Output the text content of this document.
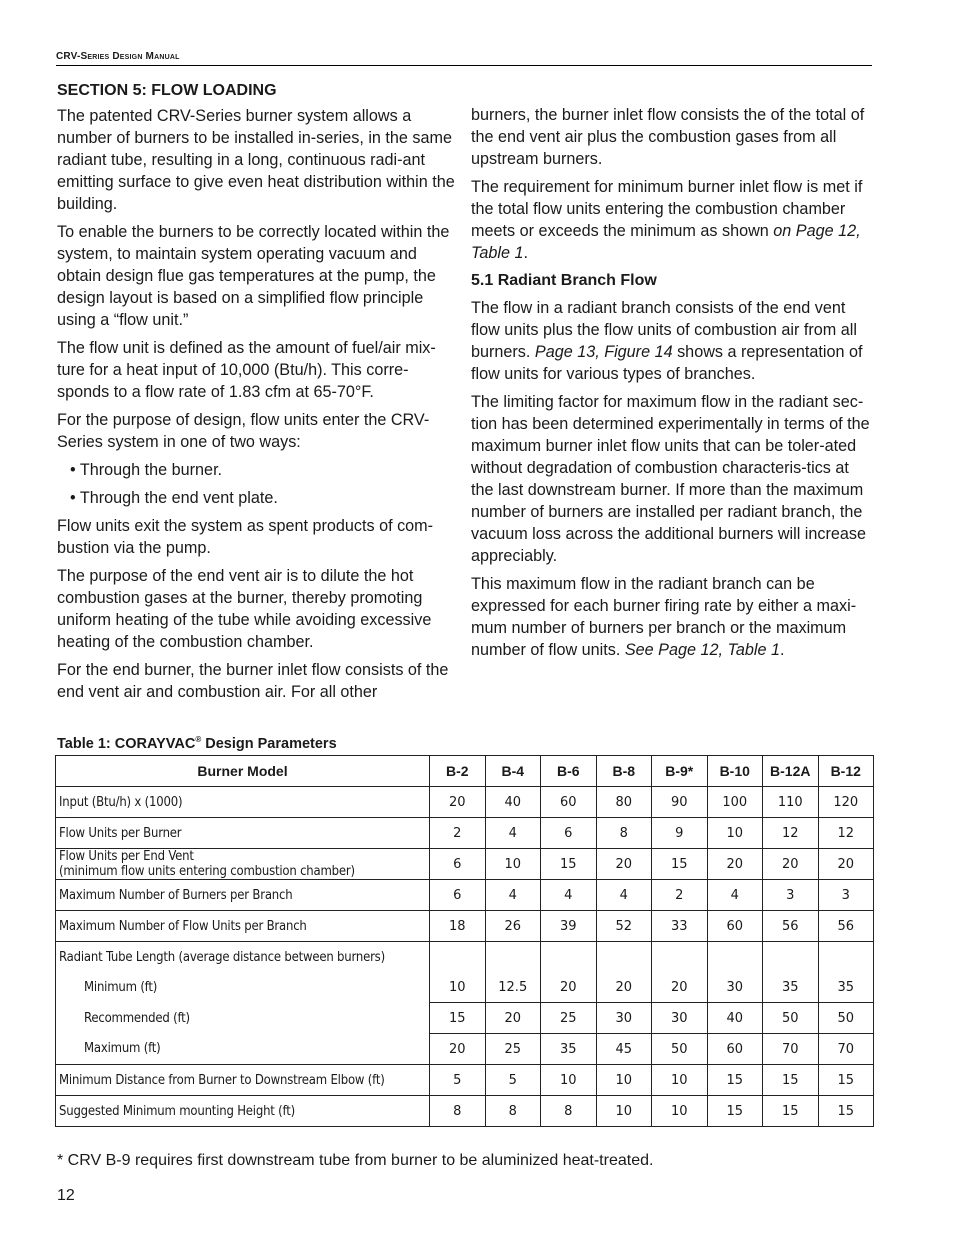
CRV-Series Design Manual
SECTION 5: FLOW LOADING

The patented CRV-Series burner system allows a number of burners to be installed in-series, in the same radiant tube, resulting in a long, continuous radi-ant emitting surface to give even heat distribution within the building.

To enable the burners to be correctly located within the system, to maintain system operating vacuum and obtain design flue gas temperatures at the pump, the design layout is based on a simplified flow principle using a “flow unit.”

The flow unit is defined as the amount of fuel/air mix-ture for a heat input of 10,000 (Btu/h). This corre-sponds to a flow rate of 1.83 cfm at 65-70°F.

For the purpose of design, flow units enter the CRV-Series system in one of two ways:

• Through the burner.

• Through the end vent plate.

Flow units exit the system as spent products of com-bustion via the pump.

The purpose of the end vent air is to dilute the hot combustion gases at the burner, thereby promoting uniform heating of the tube while avoiding excessive heating of the combustion chamber.

For the end burner, the burner inlet flow consists of the end vent air and combustion air. For all other

burners, the burner inlet flow consists the of the total of the end vent air plus the combustion gases from all upstream burners.

The requirement for minimum burner inlet flow is met if the total flow units entering the combustion chamber meets or exceeds the minimum as shown on Page 12, Table 1.

5.1 Radiant Branch Flow

The flow in a radiant branch consists of the end vent flow units plus the flow units of combustion air from all burners. Page 13, Figure 14 shows a representation of flow units for various types of branches.

The limiting factor for maximum flow in the radiant sec-tion has been determined experimentally in terms of the maximum burner inlet flow units that can be toler-ated without degradation of combustion characteris-tics at the last downstream burner. If more than the maximum number of burners are installed per radiant branch, the vacuum loss across the additional burners will increase appreciably.

This maximum flow in the radiant branch can be expressed for each burner firing rate by either a maxi-mum number of burners per branch or the maximum number of flow units. See Page 12, Table 1.

Table 1: CORAYVAC® Design Parameters
Burner Model	B-2	B-4	B-6	B-8	B-9*	B-10	B-12A	B-12

Input (Btu/h) x (1000)	20	40	60	80	90	100	110	120

Flow Units per Burner	2	4	6	8	9	10	12	12

Flow Units per End Vent
(minimum flow units entering combustion chamber)	6	10	15	20	15	20	20	20

Maximum Number of Burners per Branch	6	4	4	4	2	4	3	3

Maximum Number of Flow Units per Branch	18	26	39	52	33	60	56	56

Radiant Tube Length (average distance between burners)								

Minimum (ft)	10	12.5	20	20	20	30	35	35

Recommended (ft)	15	20	25	30	30	40	50	50

Maximum (ft)	20	25	35	45	50	60	70	70

Minimum Distance from Burner to Downstream Elbow (ft)	5	5	10	10	10	15	15	15

Suggested Minimum mounting Height (ft)	8	8	8	10	10	15	15	15
* CRV B-9 requires first downstream tube from burner to be aluminized heat-treated.
12
